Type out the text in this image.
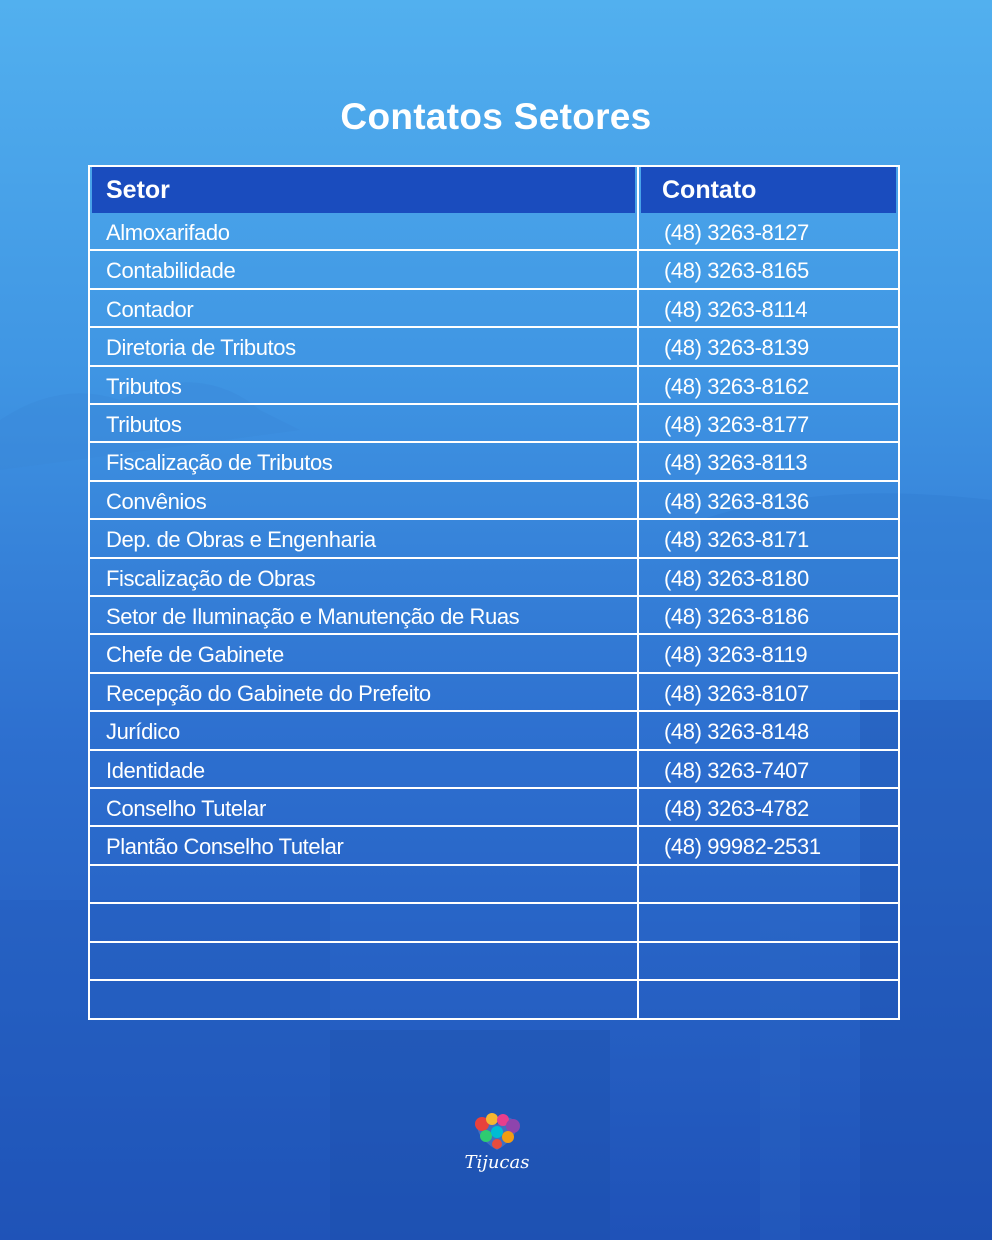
Contatos Setores
Setor	Contato
Almoxarifado	(48) 3263-8127
Contabilidade	(48) 3263-8165
Contador	(48) 3263-8114
Diretoria de Tributos	(48) 3263-8139
Tributos	(48) 3263-8162
Tributos	(48) 3263-8177
Fiscalização de Tributos	(48) 3263-8113
Convênios	(48) 3263-8136
Dep. de Obras e Engenharia	(48) 3263-8171
Fiscalização de Obras	(48) 3263-8180
Setor de Iluminação e Manutenção de Ruas	(48) 3263-8186
Chefe de Gabinete	(48) 3263-8119
Recepção do Gabinete do Prefeito	(48) 3263-8107
Jurídico	(48) 3263-8148
Identidade	(48) 3263-7407
Conselho Tutelar	(48) 3263-4782
Plantão Conselho Tutelar	(48) 99982-2531
Tijucas
